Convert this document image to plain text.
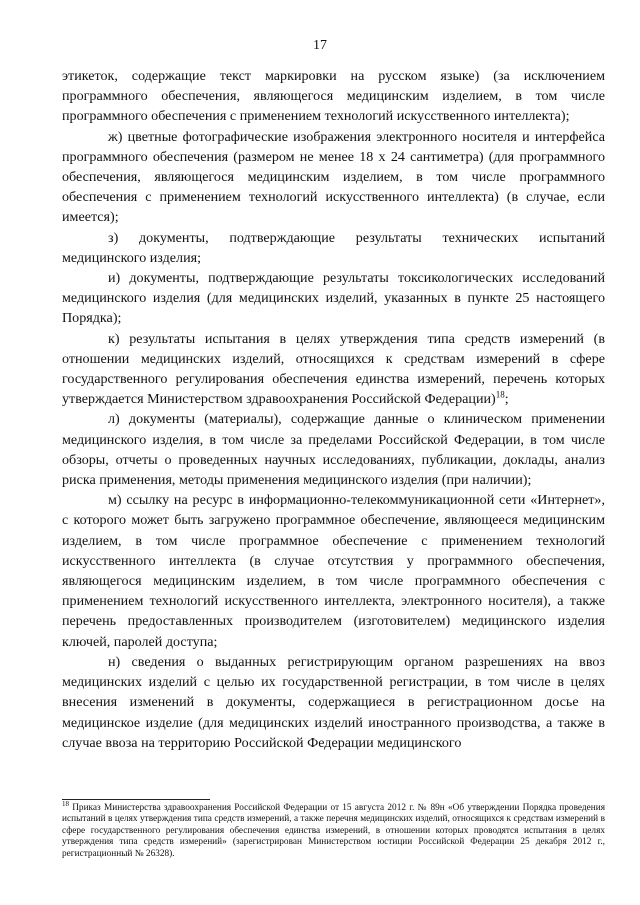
17

этикеток, содержащие текст маркировки на русском языке) (за исключением программного обеспечения, являющегося медицинским изделием, в том числе программного обеспечения с применением технологий искусственного интеллекта);

ж) цветные фотографические изображения электронного носителя и интерфейса программного обеспечения (размером не менее 18 x 24 сантиметра) (для программного обеспечения, являющегося медицинским изделием, в том числе программного обеспечения с применением технологий искусственного интеллекта) (в случае, если имеется);

з) документы, подтверждающие результаты технических испытаний медицинского изделия;

и) документы, подтверждающие результаты токсикологических исследований медицинского изделия (для медицинских изделий, указанных в пункте 25 настоящего Порядка);

к) результаты испытания в целях утверждения типа средств измерений (в отношении медицинских изделий, относящихся к средствам измерений в сфере государственного регулирования обеспечения единства измерений, перечень которых утверждается Министерством здравоохранения Российской Федерации)$^{18}$;

л) документы (материалы), содержащие данные о клиническом применении медицинского изделия, в том числе за пределами Российской Федерации, в том числе обзоры, отчеты о проведенных научных исследованиях, публикации, доклады, анализ риска применения, методы применения медицинского изделия (при наличии);

м) ссылку на ресурс в информационно-телекоммуникационной сети «Интернет», с которого может быть загружено программное обеспечение, являющееся медицинским изделием, в том числе программное обеспечение с применением технологий искусственного интеллекта (в случае отсутствия у программного обеспечения, являющегося медицинским изделием, в том числе программного обеспечения с применением технологий искусственного интеллекта, электронного носителя), а также перечень предоставленных производителем (изготовителем) медицинского изделия ключей, паролей доступа;

н) сведения о выданных регистрирующим органом разрешениях на ввоз медицинских изделий с целью их государственной регистрации, в том числе в целях внесения изменений в документы, содержащиеся в регистрационном досье на медицинское изделие (для медицинских изделий иностранного производства, а также в случае ввоза на территорию Российской Федерации медицинского

$^{18}$ Приказ Министерства здравоохранения Российской Федерации от 15 августа 2012 г. № 89н «Об утверждении Порядка проведения испытаний в целях утверждения типа средств измерений, а также перечня медицинских изделий, относящихся к средствам измерений в сфере государственного регулирования обеспечения единства измерений, в отношении которых проводятся испытания в целях утверждения типа средств измерений» (зарегистрирован Министерством юстиции Российской Федерации 25 декабря 2012 г., регистрационный № 26328).
